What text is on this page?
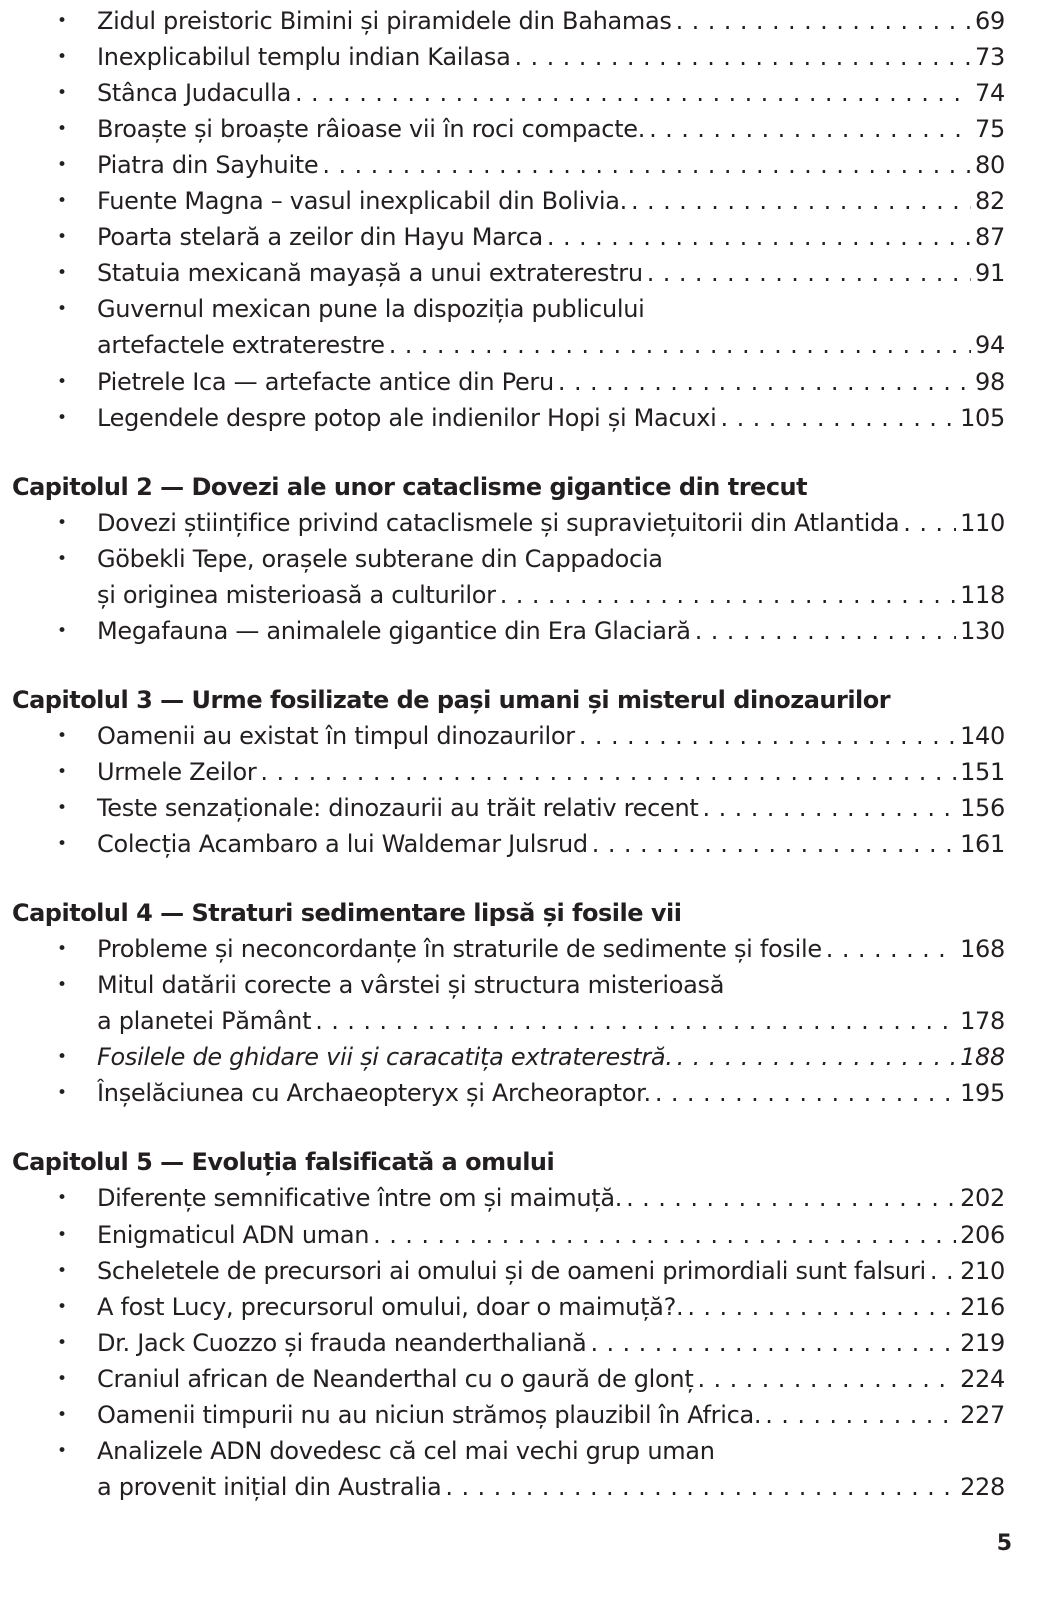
• Zidul preistoric Bimini și piramidele din Bahamas . . .	69
• Inexplicabilul templu indian Kailasa . . .	73
• Stânca Judaculla . . .	74
• Broaște și broaște râioase vii în roci compacte. . . .	75
• Piatra din Sayhuite . . .	80
• Fuente Magna – vasul inexplicabil din Bolivia. . . .	82
• Poarta stelară a zeilor din Hayu Marca . . .	87
• Statuia mexicană mayașă a unui extraterestru . . .	91
• Guvernul mexican pune la dispoziția publicului
artefactele extraterestre . . .	94
• Pietrele Ica — artefacte antice din Peru . . .	98
• Legendele despre potop ale indienilor Hopi și Macuxi . . .	105
Capitolul 2 — Dovezi ale unor cataclisme gigantice din trecut
• Dovezi științifice privind cataclismele și supraviețuitorii din Atlantida . . .	110
• Göbekli Tepe, orașele subterane din Cappadocia
și originea misterioasă a culturilor . . .	118
• Megafauna — animalele gigantice din Era Glaciară . . .	130
Capitolul 3 — Urme fosilizate de pași umani și misterul dinozaurilor
• Oamenii au existat în timpul dinozaurilor . . .	140
• Urmele Zeilor . . .	151
• Teste senzaționale: dinozaurii au trăit relativ recent . . .	156
• Colecția Acambaro a lui Waldemar Julsrud . . .	161
Capitolul 4 — Straturi sedimentare lipsă și fosile vii
• Probleme și neconcordanțe în straturile de sedimente și fosile . . .	168
• Mitul datării corecte a vârstei și structura misterioasă
a planetei Pământ . . .	178
• Fosilele de ghidare vii și caracatița extraterestră. . . .	188
• Înșelăciunea cu Archaeopteryx și Archeoraptor. . . .	195
Capitolul 5 — Evoluția falsificată a omului
• Diferențe semnificative între om și maimuță. . . .	202
• Enigmaticul ADN uman . . .	206
• Scheletele de precursori ai omului și de oameni primordiali sunt falsuri . . . 210
• A fost Lucy, precursorul omului, doar o maimuță?. . . .	216
• Dr. Jack Cuozzo și frauda neanderthaliană . . .	219
• Craniul african de Neanderthal cu o gaură de glonț . . .	224
• Oamenii timpurii nu au niciun strămoș plauzibil în Africa. . . .	227
• Analizele ADN dovedesc că cel mai vechi grup uman
a provenit inițial din Australia . . .	228
5
